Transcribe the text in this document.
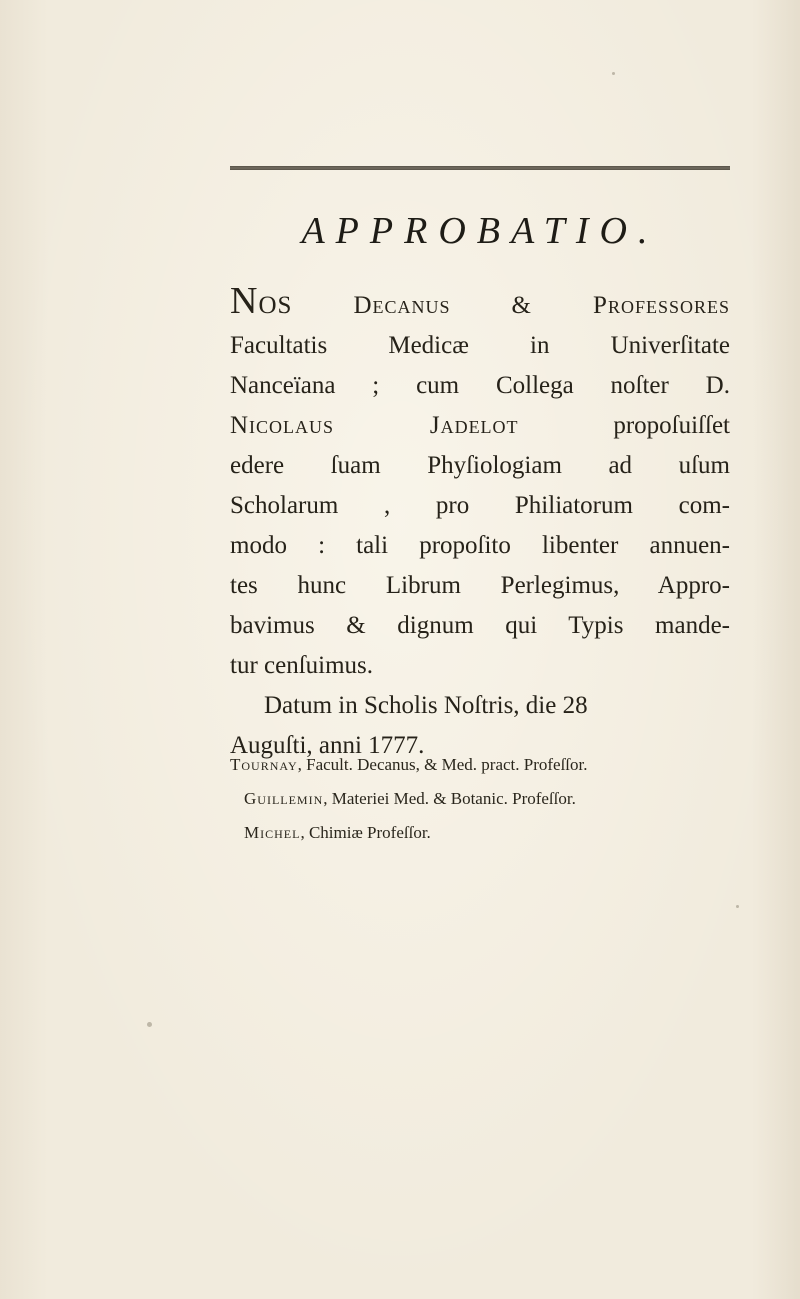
APPROBATIO.
NOS Decanus & Professores
Facultatis Medicæ in Univerſitate
Nanceïana ; cum Collega noſter D.
Nicolaus Jadelot propoſuiſſet
edere ſuam Phyſiologiam ad uſum
Scholarum , pro Philiatorum com-
modo : tali propoſito libenter annuen-
tes hunc Librum Perlegimus, Appro-
bavimus & dignum qui Typis mande-
tur cenſuimus.
Datum in Scholis Noſtris, die 28
Auguſti, anni 1777.
Tournay, Facult. Decanus, & Med. pract. Profeſſor.
Guillemin, Materiei Med. & Botanic. Profeſſor.
Michel, Chimiæ Profeſſor.
